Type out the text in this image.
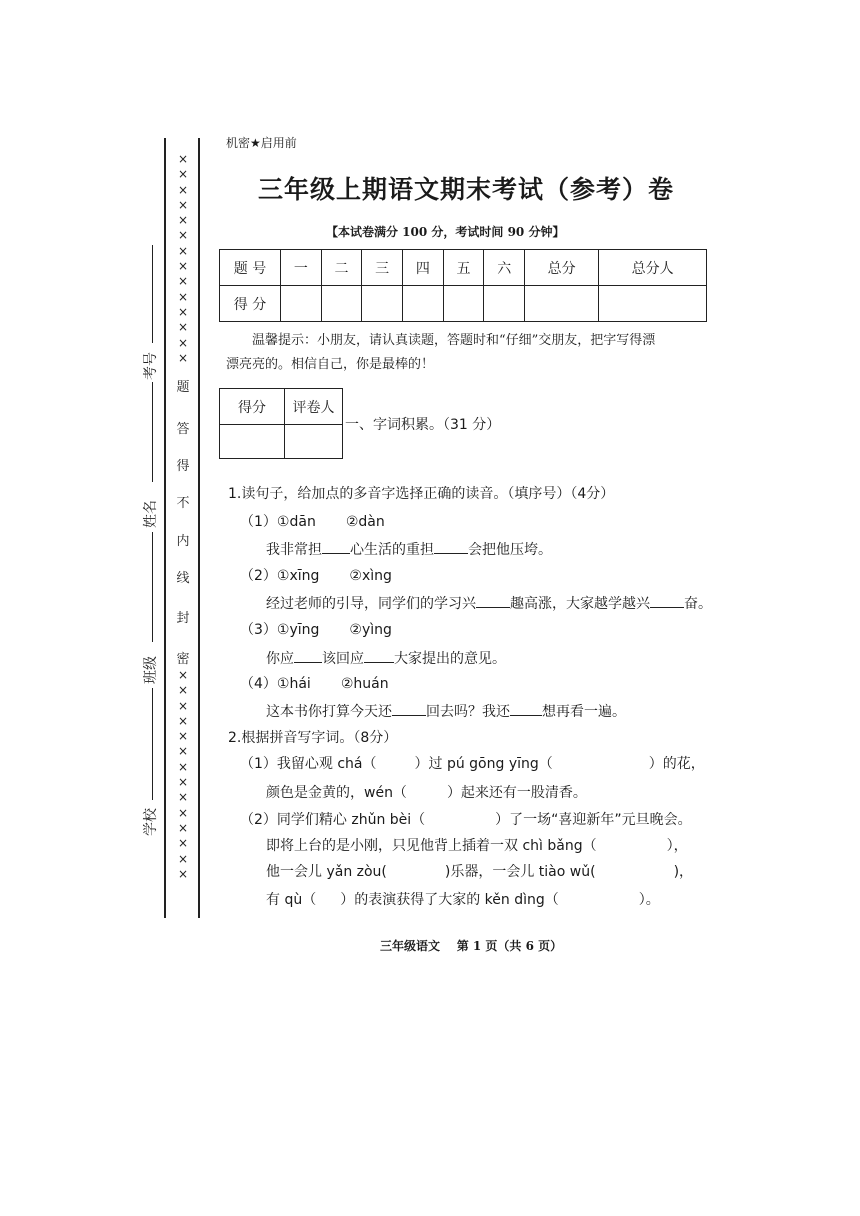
×
×
×
×
×
×
×
×
×
×
×
×
×
×
题
答
得
不
内
线
封
密
×
×
×
×
×
×
×
×
×
×
×
×
×
×
考号
姓名
班级
学校
机密★启用前
三年级上期语文期末考试（参考）卷
【本试卷满分 100 分，考试时间 90 分钟】
题 号	一	二	三	四	五	六	总分	总分人
得 分								
温馨提示：小朋友，请认真读题，答题时和“仔细”交朋友，把字写得漂
漂亮亮的。相信自己，你是最棒的！
得分	评卷人

一、字词积累。（31 分）
1.读句子，给加点的多音字选择正确的读音。（填序号）（4分）
（1）①dān ②dàn
我非常担 心生活的重担 会把他压垮。
（2）①xīng ②xìng
经过老师的引导，同学们的学习兴 趣高涨，大家越学越兴 奋。
（3）①yīng ②yìng
你应 该回应 大家提出的意见。
（4）①hái ②huán
这本书你打算今天还 回去吗？我还 想再看一遍。
2.根据拼音写字词。（8分）
（1）我留心观 chá（	）过 pú gōng yīng（	）的花，
颜色是金黄的，wén（	）起来还有一股清香。
（2）同学们精心 zhǔn bèi（	）了一场“喜迎新年”元旦晚会。
即将上台的是小刚，只见他背上插着一双 chì bǎng（	），
他一会儿 yǎn zòu(	)乐器，一会儿 tiào wǔ(	)，
有 qù（ ）的表演获得了大家的 kěn dìng（	）。
三年级语文    第 1 页（共 6 页）
